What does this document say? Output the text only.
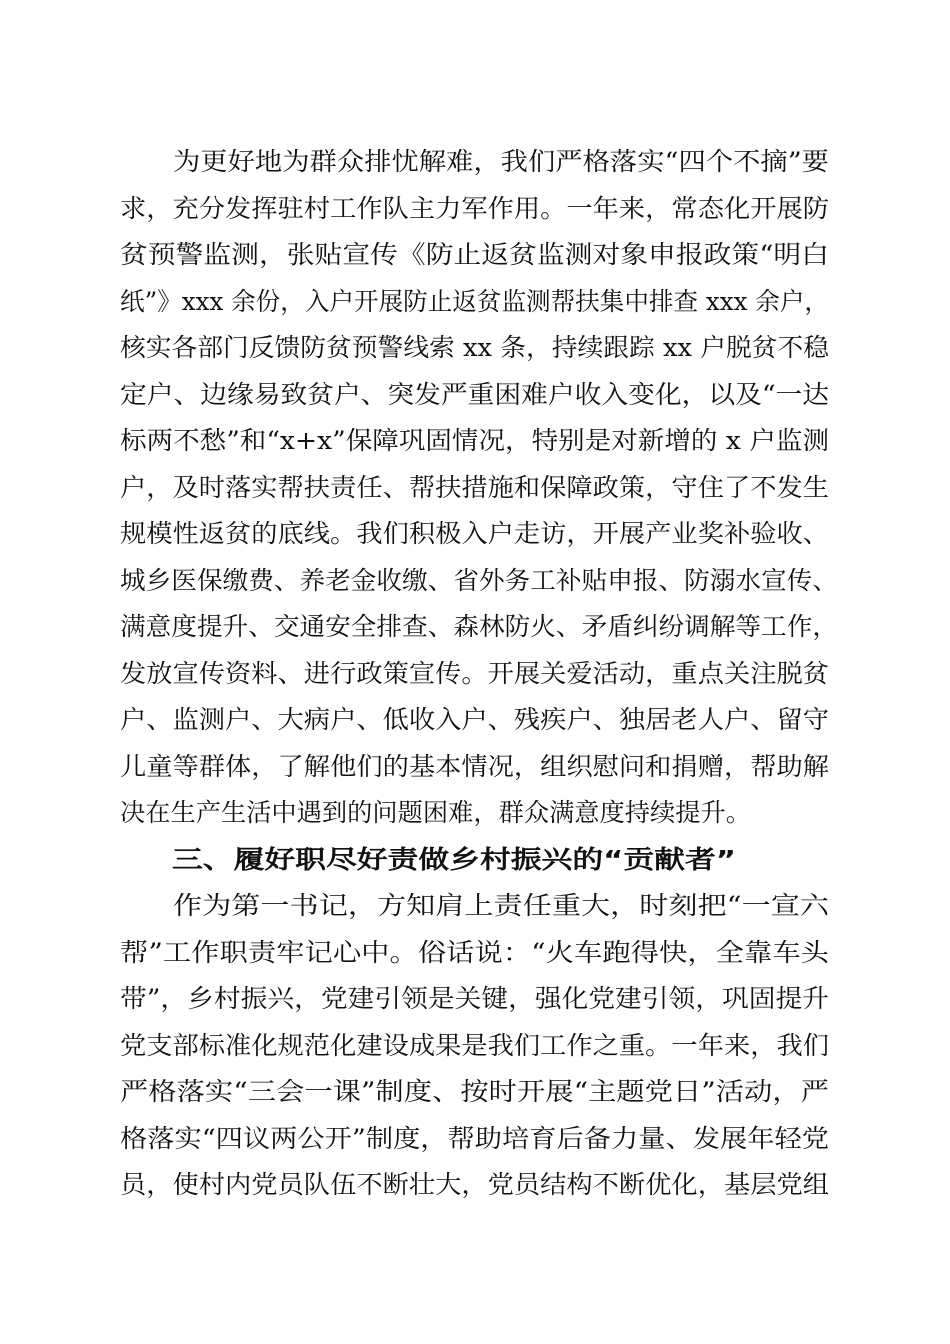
为更好地为群众排忧解难，我们严格落实“四个不摘”要
求，充分发挥驻村工作队主力军作用。一年来，常态化开展防
贫预警监测，张贴宣传《防止返贫监测对象申报政策“明白
纸”》xxx 余份，入户开展防止返贫监测帮扶集中排查 xxx 余户，
核实各部门反馈防贫预警线索 xx 条，持续跟踪 xx 户脱贫不稳
定户、边缘易致贫户、突发严重困难户收入变化，以及“一达
标两不愁”和“x+x”保障巩固情况，特别是对新增的 x 户监测
户，及时落实帮扶责任、帮扶措施和保障政策，守住了不发生
规模性返贫的底线。我们积极入户走访，开展产业奖补验收、
城乡医保缴费、养老金收缴、省外务工补贴申报、防溺水宣传、
满意度提升、交通安全排查、森林防火、矛盾纠纷调解等工作，
发放宣传资料、进行政策宣传。开展关爱活动，重点关注脱贫
户、监测户、大病户、低收入户、残疾户、独居老人户、留守
儿童等群体，了解他们的基本情况，组织慰问和捐赠，帮助解
决在生产生活中遇到的问题困难，群众满意度持续提升。
三、履好职尽好责做乡村振兴的“贡献者”
作为第一书记，方知肩上责任重大，时刻把“一宣六
帮”工作职责牢记心中。俗话说：“火车跑得快，全靠车头
带”，乡村振兴，党建引领是关键，强化党建引领，巩固提升
党支部标准化规范化建设成果是我们工作之重。一年来，我们
严格落实“三会一课”制度、按时开展“主题党日”活动，严
格落实“四议两公开”制度，帮助培育后备力量、发展年轻党
员，使村内党员队伍不断壮大，党员结构不断优化，基层党组
